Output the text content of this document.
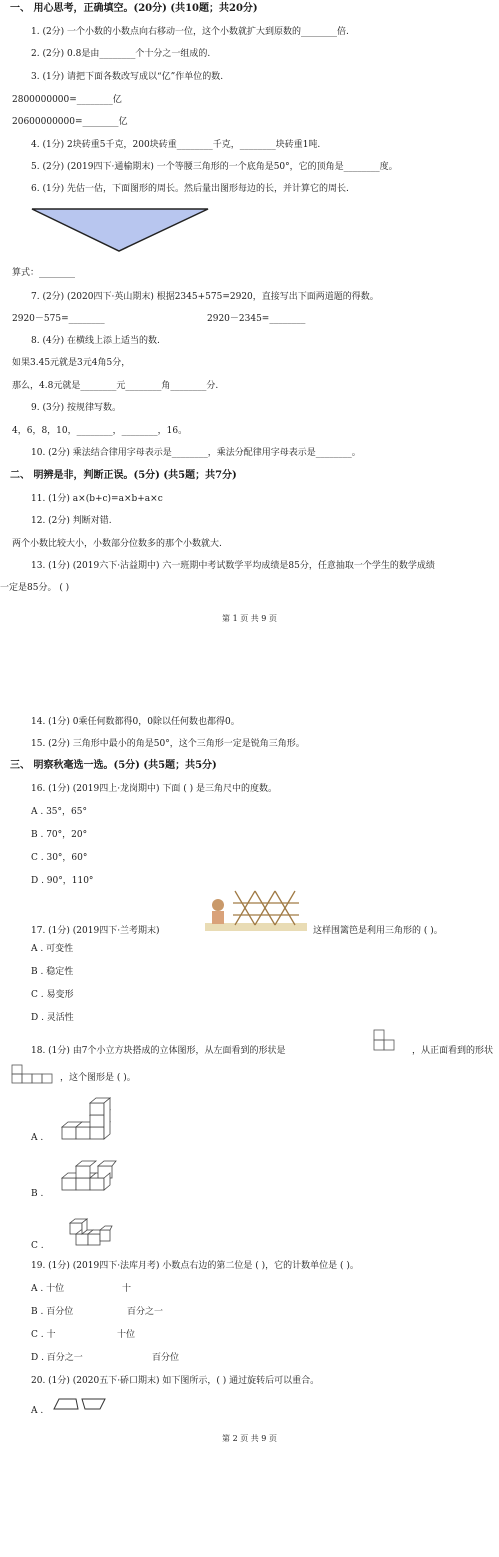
一、 用心思考，正确填空。(20分) (共10题；共20分)
1. (2分) 一个小数的小数点向右移动一位，这个小数就扩大到原数的________倍.
2. (2分) 0.8是由________个十分之一组成的.
3. (1分) 请把下面各数改写成以“亿”作单位的数.
2800000000=________亿
20600000000=________亿
4. (1分) 2块砖重5千克，200块砖重________千克，________块砖重1吨.
5. (2分) (2019四下·通榆期末) 一个等腰三角形的一个底角是50°，它的顶角是________度。
6. (1分) 先估一估，下面图形的周长。然后量出图形每边的长，并计算它的周长.
算式：________
7. (2分) (2020四下·英山期末) 根据2345+575=2920，直接写出下面两道题的得数。
2920－575=________	2920－2345=________
8. (4分) 在横线上添上适当的数.
如果3.45元就是3元4角5分，
那么，4.8元就是________元________角________分.
9. (3分) 按规律写数。
4，6，8，10，________，________，16。
10. (2分) 乘法结合律用字母表示是________，乘法分配律用字母表示是________。
二、 明辨是非，判断正误。(5分) (共5题；共7分)
11. (1分) a×(b+c)=a×b+a×c
12. (2分) 判断对错.
两个小数比较大小，小数部分位数多的那个小数就大.
13. (1分) (2019六下·沾益期中) 六一班期中考试数学平均成绩是85分，任意抽取一个学生的数学成绩
一定是85分。 ( )
第 1 页 共 9 页
14. (1分) 0乘任何数都得0，0除以任何数也都得0。
15. (2分) 三角形中最小的角是50°，这个三角形一定是锐角三角形。
三、 明察秋毫选一选。(5分) (共5题；共5分)
16. (1分) (2019四上·龙岗期中) 下面 ( ) 是三角尺中的度数。
A . 35°，65°
B . 70°，20°
C . 30°，60°
D . 90°，110°
17. (1分) (2019四下·兰考期末)	这样围篱笆是利用三角形的 ( )。
A . 可变性
B . 稳定性
C . 易变形
D . 灵活性
18. (1分) 由7个小立方块搭成的立体图形，从左面看到的形状是	，从正面看到的形状
，这个图形是 ( )。
A .
B .
C .
19. (1分) (2019四下·法库月考) 小数点右边的第二位是 ( )，它的计数单位是 ( )。
A . 十位	十
B . 百分位	百分之一
C . 十	十位
D . 百分之一	百分位
20. (1分) (2020五下·硚口期末) 如下图所示，( ) 通过旋转后可以重合。
A .
第 2 页 共 9 页
